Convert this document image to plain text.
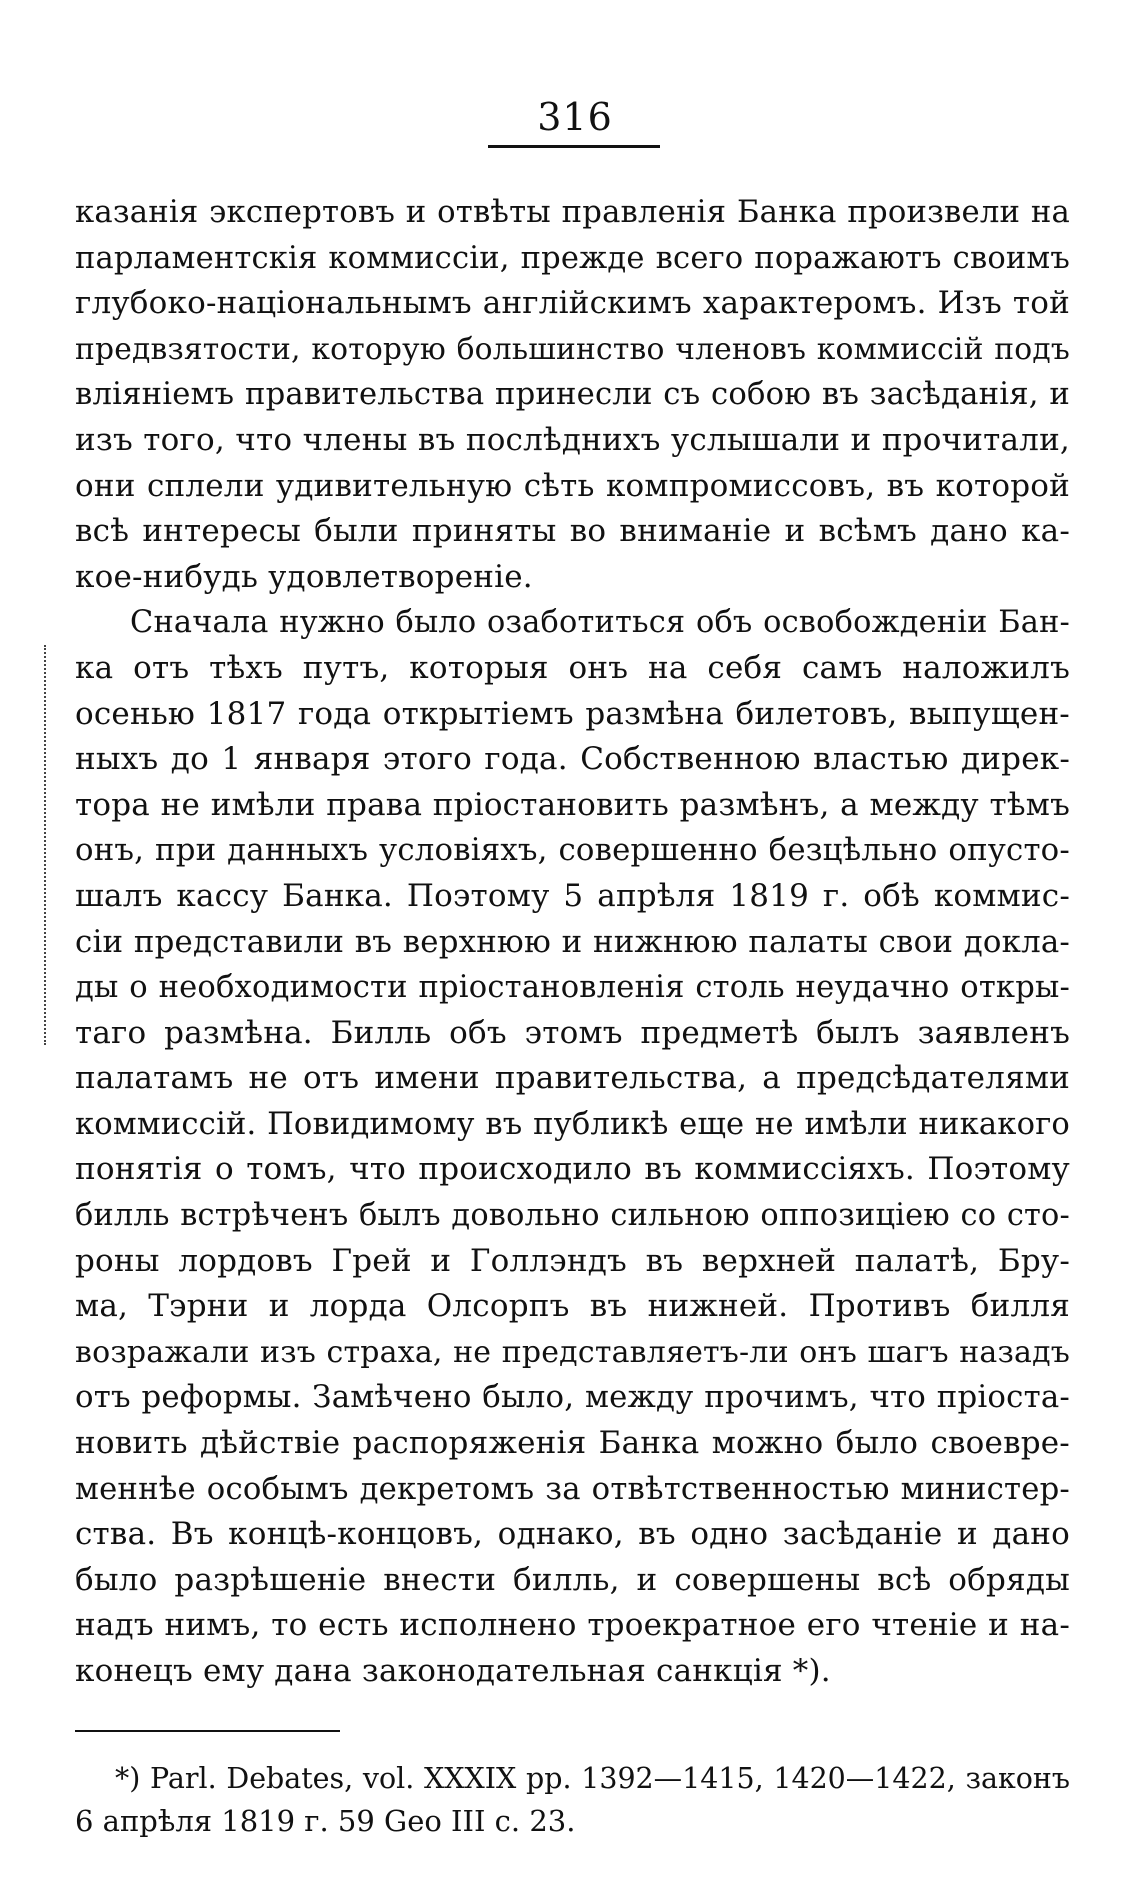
316
казанія экспертовъ и отвѣты правленія Банка произвели на
парламентскія коммиссіи, прежде всего поражаютъ своимъ
глубоко-національнымъ англійскимъ характеромъ. Изъ той
предвзятости, которую большинство членовъ коммиссій подъ
вліяніемъ правительства принесли съ собою въ засѣданія, и
изъ того, что члены въ послѣднихъ услышали и прочитали,
они сплели удивительную сѣть компромиссовъ, въ которой
всѣ интересы были приняты во вниманіе и всѣмъ дано ка-
кое-нибудь удовлетвореніе.
Сначала нужно было озаботиться объ освобожденіи Бан-
ка отъ тѣхъ путъ, которыя онъ на себя самъ наложилъ
осенью 1817 года открытіемъ размѣна билетовъ, выпущен-
ныхъ до 1 января этого года. Собственною властью дирек-
тора не имѣли права пріостановить размѣнъ, а между тѣмъ
онъ, при данныхъ условіяхъ, совершенно безцѣльно опусто-
шалъ кассу Банка. Поэтому 5 апрѣля 1819 г. обѣ коммис-
сіи представили въ верхнюю и нижнюю палаты свои докла-
ды о необходимости пріостановленія столь неудачно откры-
таго размѣна. Билль объ этомъ предметѣ былъ заявленъ
палатамъ не отъ имени правительства, а предсѣдателями
коммиссій. Повидимому въ публикѣ еще не имѣли никакого
понятія о томъ, что происходило въ коммиссіяхъ. Поэтому
билль встрѣченъ былъ довольно сильною оппозиціею со сто-
роны лордовъ Грей и Голлэндъ въ верхней палатѣ, Бру-
ма, Тэрни и лорда Олсорпъ въ нижней. Противъ билля
возражали изъ страха, не представляетъ-ли онъ шагъ назадъ
отъ реформы. Замѣчено было, между прочимъ, что пріоста-
новить дѣйствіе распоряженія Банка можно было своевре-
меннѣе особымъ декретомъ за отвѣтственностью министер-
ства. Въ концѣ-концовъ, однако, въ одно засѣданіе и дано
было разрѣшеніе внести билль, и совершены всѣ обряды
надъ нимъ, то есть исполнено троекратное его чтеніе и на-
конецъ ему дана законодательная санкція *).
*) Parl. Debates, vol. XXXIX pp. 1392—1415, 1420—1422, законъ
6 апрѣля 1819 г. 59 Geo III c. 23.
